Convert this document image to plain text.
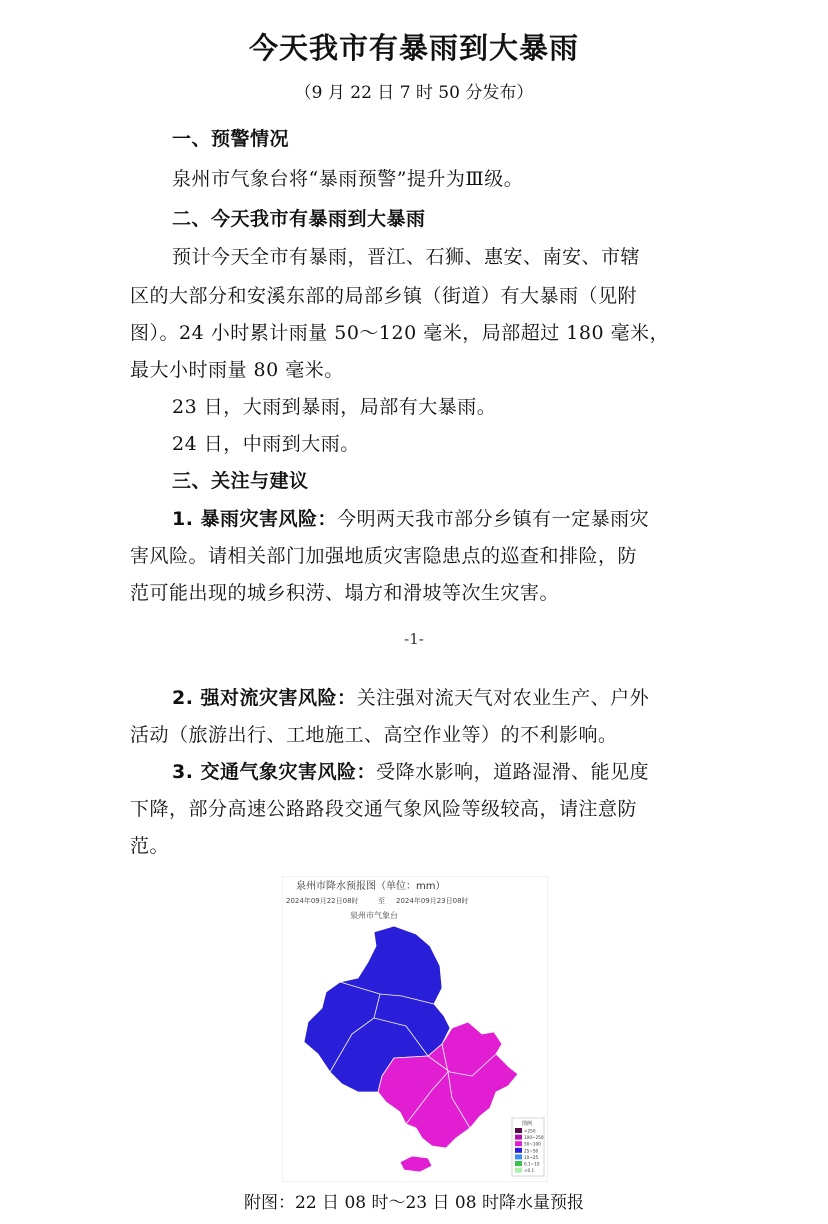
今天我市有暴雨到大暴雨
（9 月 22 日 7 时 50 分发布）
一、预警情况
泉州市气象台将“暴雨预警”提升为Ⅲ级。
二、今天我市有暴雨到大暴雨
预计今天全市有暴雨，晋江、石狮、惠安、南安、市辖
区的大部分和安溪东部的局部乡镇（街道）有大暴雨（见附
图）。24 小时累计雨量 50～120 毫米，局部超过 180 毫米，
最大小时雨量 80 毫米。
23 日，大雨到暴雨，局部有大暴雨。
24 日，中雨到大雨。
三、关注与建议
1. 暴雨灾害风险：今明两天我市部分乡镇有一定暴雨灾
害风险。请相关部门加强地质灾害隐患点的巡查和排险，防
范可能出现的城乡积涝、塌方和滑坡等次生灾害。
-1-
2. 强对流灾害风险：关注强对流天气对农业生产、户外
活动（旅游出行、工地施工、高空作业等）的不利影响。
3. 交通气象灾害风险：受降水影响，道路湿滑、能见度
下降，部分高速公路路段交通气象风险等级较高，请注意防
范。
泉州市降水预报图（单位：mm）
2024年09月22日08时	至 2024年09月23日08时
泉州市气象台
图例
>250
100~250
50~100
25~50
10~25
0.1~10
<0.1
附图：22 日 08 时～23 日 08 时降水量预报
